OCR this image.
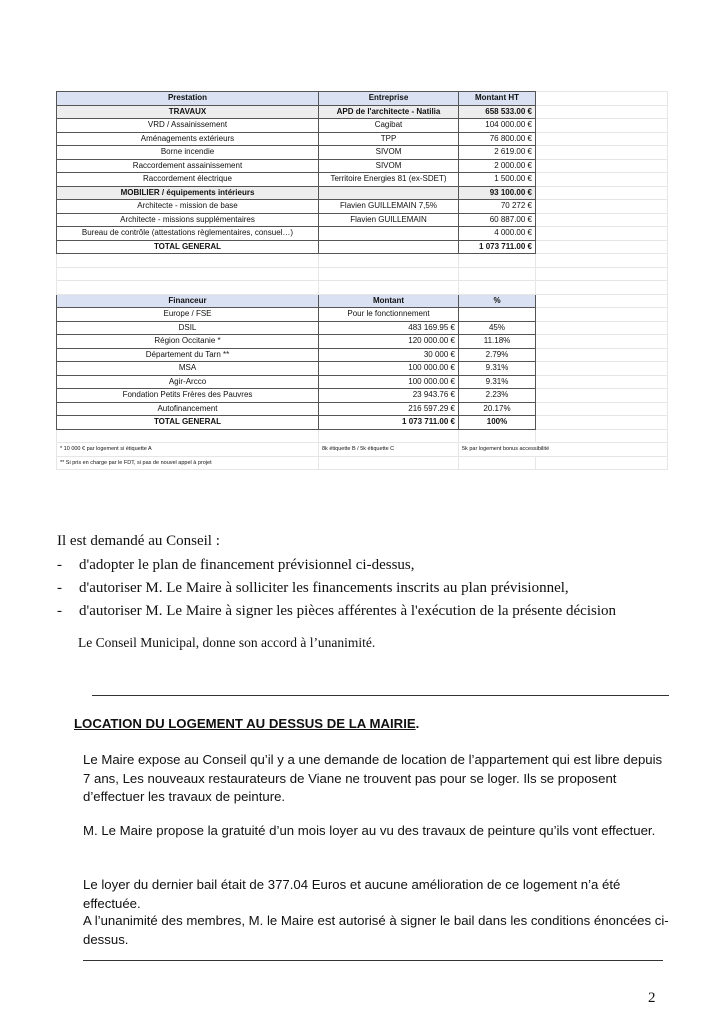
Prestation	Entreprise	Montant HT	
TRAVAUX	APD de l'architecte - Natilia	658 533.00 €	
VRD / Assainissement	Cagibat	104 000.00 €	
Aménagements extérieurs	TPP	76 800.00 €	
Borne incendie	SIVOM	2 619.00 €	
Raccordement assainissement	SIVOM	2 000.00 €	
Raccordement électrique	Territoire Energies 81 (ex-SDET)	1 500.00 €	
MOBILIER / équipements intérieurs		93 100.00 €	
Architecte - mission de base	Flavien GUILLEMAIN 7,5%	70 272 €	
Architecte - missions supplémentaires	Flavien GUILLEMAIN	60 887.00 €	
Bureau de contrôle (attestations règlementaires, consuel…)		4 000.00 €	
TOTAL GENERAL		1 073 711.00 €	

Financeur	Montant	%	
Europe / FSE	Pour le fonctionnement		
DSIL	483 169.95 €	45%	
Région Occitanie *	120 000.00 €	11.18%	
Département du Tarn **	30 000 €	2.79%	
MSA	100 000.00 €	9.31%	
Agir-Arcco	100 000.00 €	9.31%	
Fondation Petits Frères des Pauvres	23 943.76 €	2.23%	
Autofinancement	216 597.29 €	20.17%	
TOTAL GENERAL	1 073 711.00 €	100%	

* 10 000 € par logement si étiquette A	8k étiquette B / 5k étiquette C	5k par logement bonus accessibilité	
** Si pris en charge par le FDT, si pas de nouvel appel à projet			
Il est demandé au Conseil :
- d'adopter le plan de financement prévisionnel ci-dessus,
- d'autoriser M. Le Maire à solliciter les financements inscrits au plan prévisionnel,
- d'autoriser M. Le Maire à signer les pièces afférentes à l'exécution de la présente décision
Le Conseil Municipal, donne son accord à l’unanimité.
LOCATION DU LOGEMENT AU DESSUS DE LA MAIRIE.
Le Maire expose au Conseil qu’il y a une demande de location de l’appartement qui est libre depuis 7 ans, Les nouveaux restaurateurs de Viane ne trouvent pas pour se loger. Ils se proposent d’effectuer les travaux de peinture.
M. Le Maire propose la gratuité d’un mois loyer au vu des travaux de peinture qu’ils vont effectuer.
Le loyer du dernier bail était de 377.04 Euros et aucune amélioration de ce logement n’a été effectuée.
A l’unanimité des membres, M. le Maire est autorisé à signer le bail dans les conditions énoncées ci-dessus.
2
